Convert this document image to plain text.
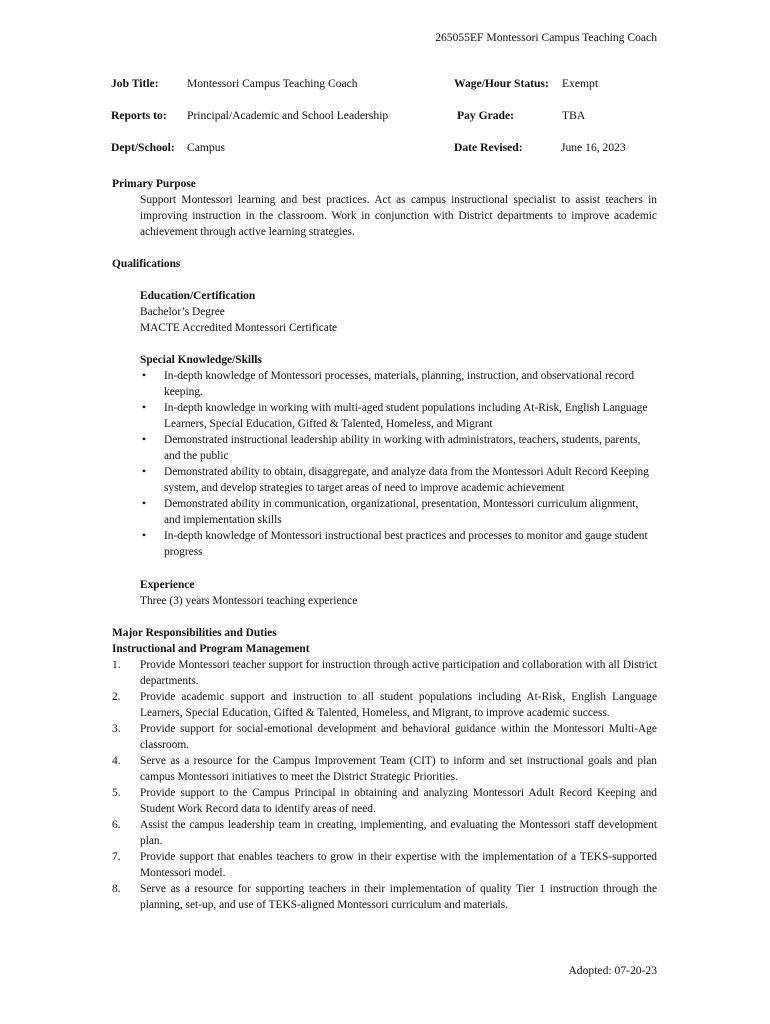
265055EF Montessori Campus Teaching Coach
Job Title: Montessori Campus Teaching Coach	Wage/Hour Status: Exempt
Reports to: Principal/Academic and School Leadership	Pay Grade:	TBA
Dept/School: Campus	Date Revised:	June 16, 2023
Primary Purpose
Support Montessori learning and best practices. Act as campus instructional specialist to assist teachers in improving instruction in the classroom. Work in conjunction with District departments to improve academic achievement through active learning strategies.
Qualifications
Education/Certification
Bachelor’s Degree
MACTE Accredited Montessori Certificate
Special Knowledge/Skills
• In-depth knowledge of Montessori processes, materials, planning, instruction, and observational record keeping.
• In-depth knowledge in working with multi-aged student populations including At-Risk, English Language Learners, Special Education, Gifted & Talented, Homeless, and Migrant
• Demonstrated instructional leadership ability in working with administrators, teachers, students, parents, and the public
• Demonstrated ability to obtain, disaggregate, and analyze data from the Montessori Adult Record Keeping system, and develop strategies to target areas of need to improve academic achievement
• Demonstrated ability in communication, organizational, presentation, Montessori curriculum alignment, and implementation skills
• In-depth knowledge of Montessori instructional best practices and processes to monitor and gauge student progress
Experience
Three (3) years Montessori teaching experience
Major Responsibilities and Duties
Instructional and Program Management
1. Provide Montessori teacher support for instruction through active participation and collaboration with all District departments.
2. Provide academic support and instruction to all student populations including At-Risk, English Language Learners, Special Education, Gifted & Talented, Homeless, and Migrant, to improve academic success.
3. Provide support for social-emotional development and behavioral guidance within the Montessori Multi-Age classroom.
4. Serve as a resource for the Campus Improvement Team (CIT) to inform and set instructional goals and plan campus Montessori initiatives to meet the District Strategic Priorities.
5. Provide support to the Campus Principal in obtaining and analyzing Montessori Adult Record Keeping and Student Work Record data to identify areas of need.
6. Assist the campus leadership team in creating, implementing, and evaluating the Montessori staff development plan.
7. Provide support that enables teachers to grow in their expertise with the implementation of a TEKS-supported Montessori model.
8. Serve as a resource for supporting teachers in their implementation of quality Tier 1 instruction through the planning, set-up, and use of TEKS-aligned Montessori curriculum and materials.
Adopted: 07-20-23
